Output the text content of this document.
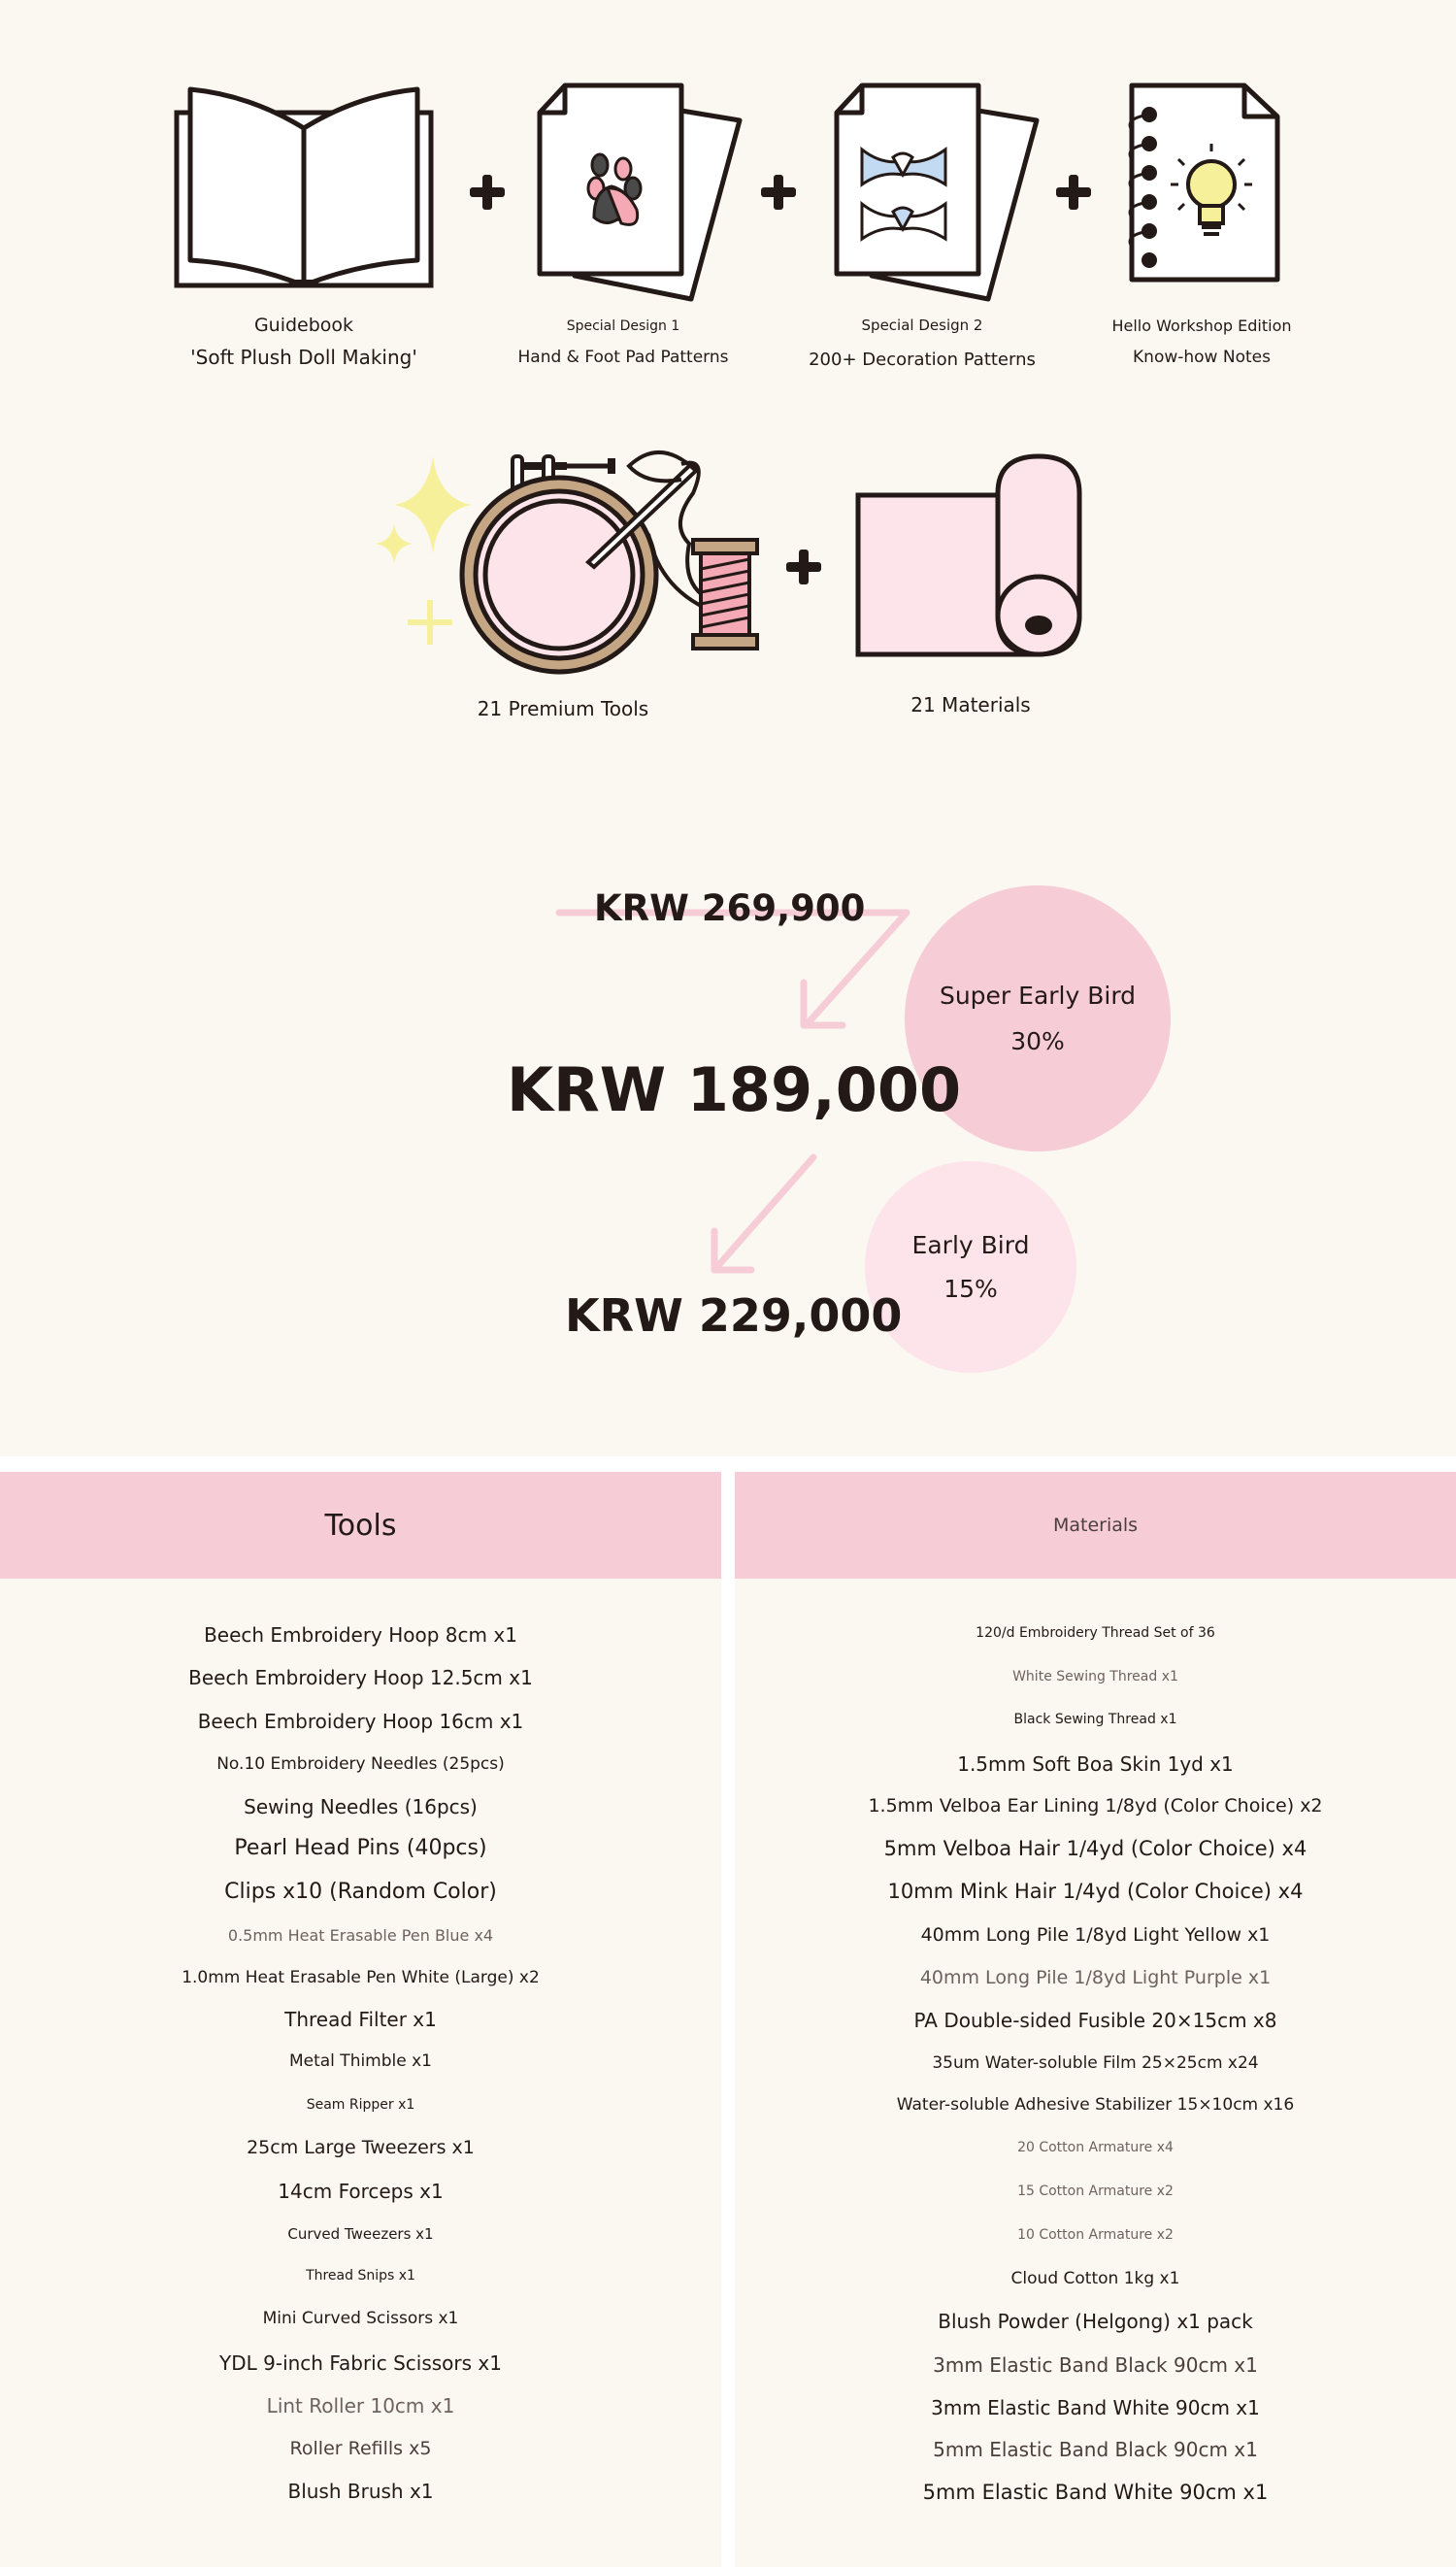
Guidebook
'Soft Plush Doll Making'
Special Design 1
Hand & Foot Pad Patterns
Special Design 2
200+ Decoration Patterns
Hello Workshop Edition
Know-how Notes
21 Premium Tools	21 Materials
KRW 269,900
Super Early Bird
30%
KRW 189,000
Early Bird
15%
KRW 229,000
Tools	Materials
Beech Embroidery Hoop 8cm x1
Beech Embroidery Hoop 12.5cm x1
Beech Embroidery Hoop 16cm x1
No.10 Embroidery Needles (25pcs)
Sewing Needles (16pcs)
Pearl Head Pins (40pcs)
Clips x10 (Random Color)
0.5mm Heat Erasable Pen Blue x4
1.0mm Heat Erasable Pen White (Large) x2
Thread Filter x1
Metal Thimble x1
Seam Ripper x1
25cm Large Tweezers x1
14cm Forceps x1
Curved Tweezers x1
Thread Snips x1
Mini Curved Scissors x1
YDL 9-inch Fabric Scissors x1
Lint Roller 10cm x1
Roller Refills x5
Blush Brush x1
120/d Embroidery Thread Set of 36
White Sewing Thread x1
Black Sewing Thread x1
1.5mm Soft Boa Skin 1yd x1
1.5mm Velboa Ear Lining 1/8yd (Color Choice) x2
5mm Velboa Hair 1/4yd (Color Choice) x4
10mm Mink Hair 1/4yd (Color Choice) x4
40mm Long Pile 1/8yd Light Yellow x1
40mm Long Pile 1/8yd Light Purple x1
PA Double-sided Fusible 20×15cm x8
35um Water-soluble Film 25×25cm x24
Water-soluble Adhesive Stabilizer 15×10cm x16
20 Cotton Armature x4
15 Cotton Armature x2
10 Cotton Armature x2
Cloud Cotton 1kg x1
Blush Powder (Helgong) x1 pack
3mm Elastic Band Black 90cm x1
3mm Elastic Band White 90cm x1
5mm Elastic Band Black 90cm x1
5mm Elastic Band White 90cm x1
